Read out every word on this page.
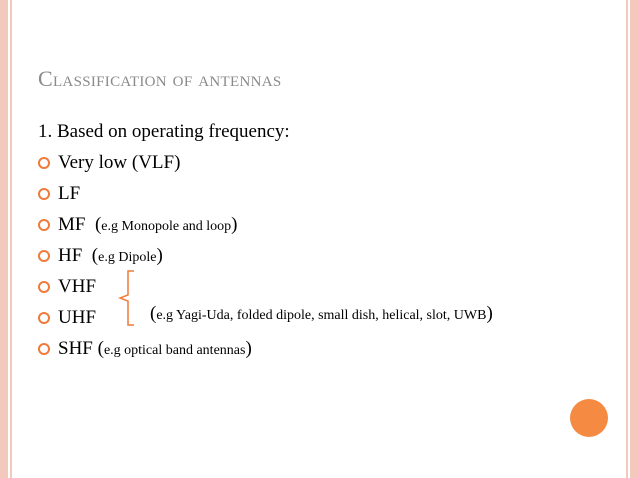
Classification of antennas
1. Based on operating frequency:
Very low (VLF)
LF
MF  (e.g Monopole and loop)
HF  (e.g Dipole)
VHF
UHF
SHF (e.g optical band antennas)
(e.g Yagi-Uda, folded dipole, small dish, helical, slot, UWB)
